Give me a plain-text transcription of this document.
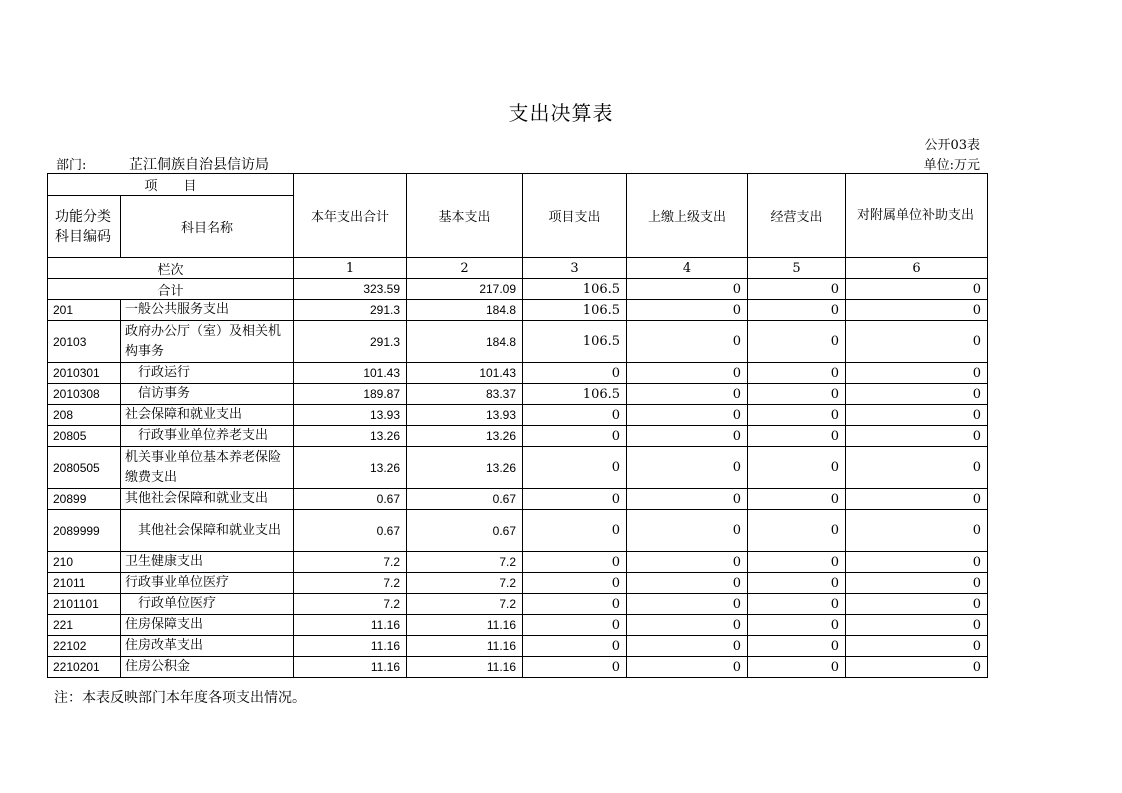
支出决算表
公开03表
部门:	芷江侗族自治县信访局	单位:万元
项　　目		本年支出合计	基本支出	项目支出	上缴上级支出	经营支出	对附属单位补助支出
功能分类科目编码	科目名称						
栏次		1	2	3	4	5	6
合计		323.59	217.09	106.5	0	0	0
201	一般公共服务支出	291.3	184.8	106.5	0	0	0
20103	政府办公厅（室）及相关机构事务	291.3	184.8	106.5	0	0	0
2010301	　行政运行	101.43	101.43	0	0	0	0
2010308	　信访事务	189.87	83.37	106.5	0	0	0
208	社会保障和就业支出	13.93	13.93	0	0	0	0
20805	　行政事业单位养老支出	13.26	13.26	0	0	0	0
2080505	机关事业单位基本养老保险缴费支出	13.26	13.26	0	0	0	0
20899	其他社会保障和就业支出	0.67	0.67	0	0	0	0
2089999	　其他社会保障和就业支出	0.67	0.67	0	0	0	0
210	卫生健康支出	7.2	7.2	0	0	0	0
21011	行政事业单位医疗	7.2	7.2	0	0	0	0
2101101	　行政单位医疗	7.2	7.2	0	0	0	0
221	住房保障支出	11.16	11.16	0	0	0	0
22102	住房改革支出	11.16	11.16	0	0	0	0
2210201	住房公积金	11.16	11.16	0	0	0	0
注：本表反映部门本年度各项支出情况。
